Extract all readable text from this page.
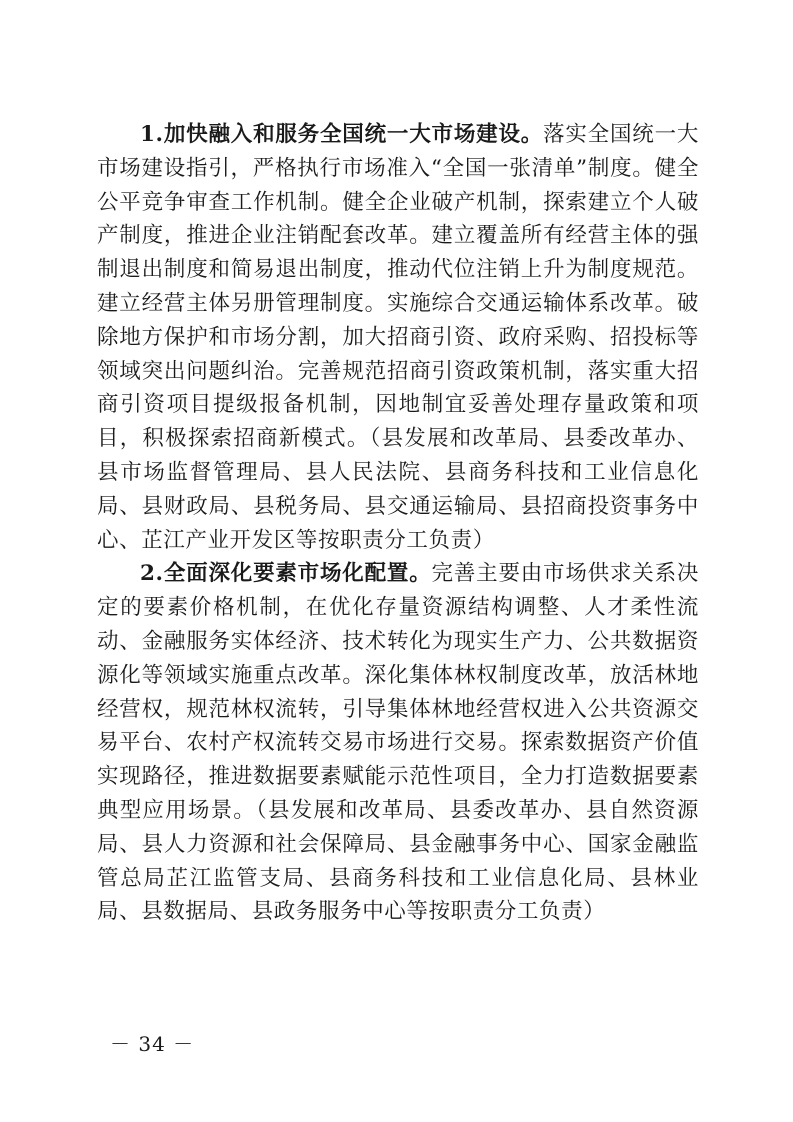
1.加快融入和服务全国统一大市场建设。落实全国统一大市场建设指引，严格执行市场准入“全国一张清单”制度。健全公平竞争审查工作机制。健全企业破产机制，探索建立个人破产制度，推进企业注销配套改革。建立覆盖所有经营主体的强制退出制度和简易退出制度，推动代位注销上升为制度规范。建立经营主体另册管理制度。实施综合交通运输体系改革。破除地方保护和市场分割，加大招商引资、政府采购、招投标等领域突出问题纠治。完善规范招商引资政策机制，落实重大招商引资项目提级报备机制，因地制宜妥善处理存量政策和项目，积极探索招商新模式。（县发展和改革局、县委改革办、县市场监督管理局、县人民法院、县商务科技和工业信息化局、县财政局、县税务局、县交通运输局、县招商投资事务中心、芷江产业开发区等按职责分工负责）

2.全面深化要素市场化配置。完善主要由市场供求关系决定的要素价格机制，在优化存量资源结构调整、人才柔性流动、金融服务实体经济、技术转化为现实生产力、公共数据资源化等领域实施重点改革。深化集体林权制度改革，放活林地经营权，规范林权流转，引导集体林地经营权进入公共资源交易平台、农村产权流转交易市场进行交易。探索数据资产价值实现路径，推进数据要素赋能示范性项目，全力打造数据要素典型应用场景。（县发展和改革局、县委改革办、县自然资源局、县人力资源和社会保障局、县金融事务中心、国家金融监管总局芷江监管支局、县商务科技和工业信息化局、县林业局、县数据局、县政务服务中心等按职责分工负责）

－ 34 －
